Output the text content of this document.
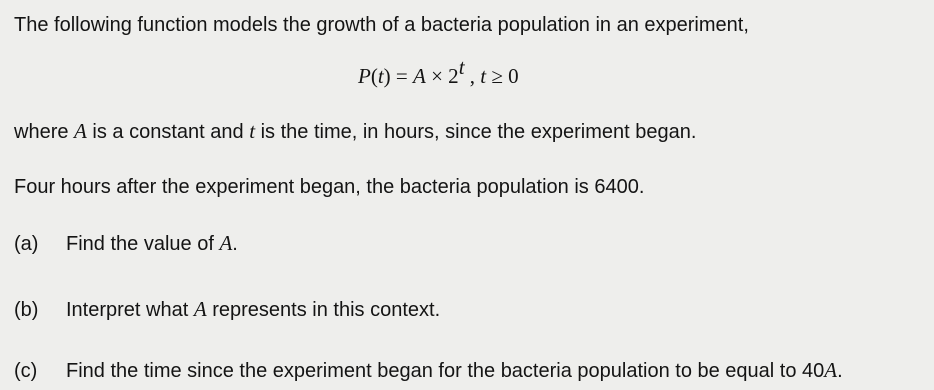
The following function models the growth of a bacteria population in an experiment,
$P(t) = A \times 2^t$ , t ≥ 0
where A is a constant and t is the time, in hours, since the experiment began.
Four hours after the experiment began, the bacteria population is 6400.
(a) Find the value of A.
(b) Interpret what A represents in this context.
(c) Find the time since the experiment began for the bacteria population to be equal to 40A.
